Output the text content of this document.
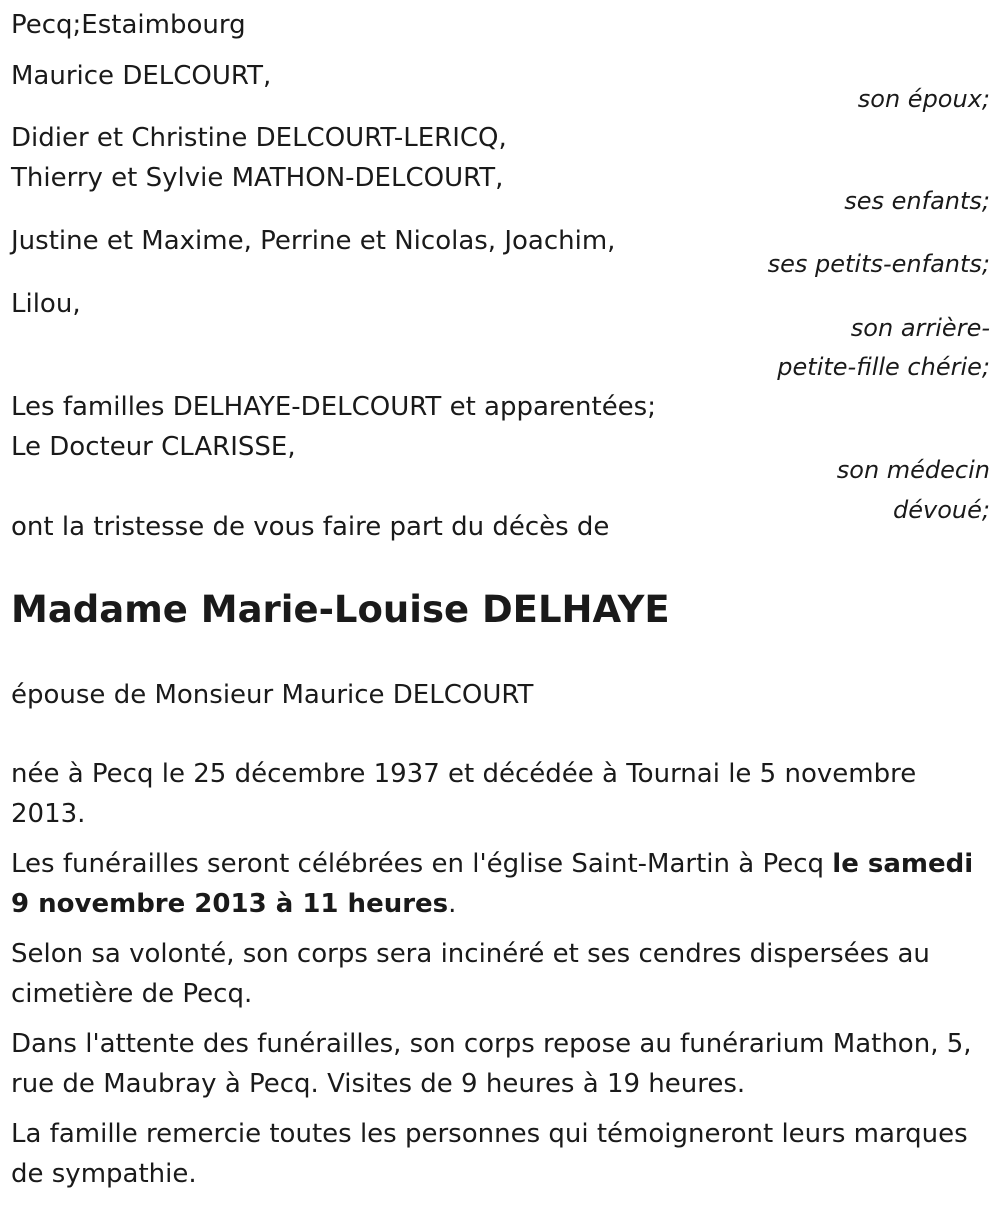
Pecq;Estaimbourg

Maurice DELCOURT,

son époux;

Didier et Christine DELCOURT-LERICQ,

Thierry et Sylvie MATHON-DELCOURT,

ses enfants;

Justine et Maxime, Perrine et Nicolas, Joachim,

ses petits-enfants;

Lilou,

son arrière-

petite-fille chérie;

Les familles DELHAYE-DELCOURT et apparentées;

Le Docteur CLARISSE,

son médecin

dévoué;

ont la tristesse de vous faire part du décès de

Madame Marie-Louise DELHAYE

épouse de Monsieur Maurice DELCOURT

née à Pecq le 25 décembre 1937 et décédée à Tournai le 5 novembre 2013.

Les funérailles seront célébrées en l'église Saint-Martin à Pecq le samedi 9 novembre 2013 à 11 heures.

Selon sa volonté, son corps sera incinéré et ses cendres dispersées au cimetière de Pecq.

Dans l'attente des funérailles, son corps repose au funérarium Mathon, 5, rue de Maubray à Pecq. Visites de 9 heures à 19 heures.

La famille remercie toutes les personnes qui témoigneront leurs marques de sympathie.
